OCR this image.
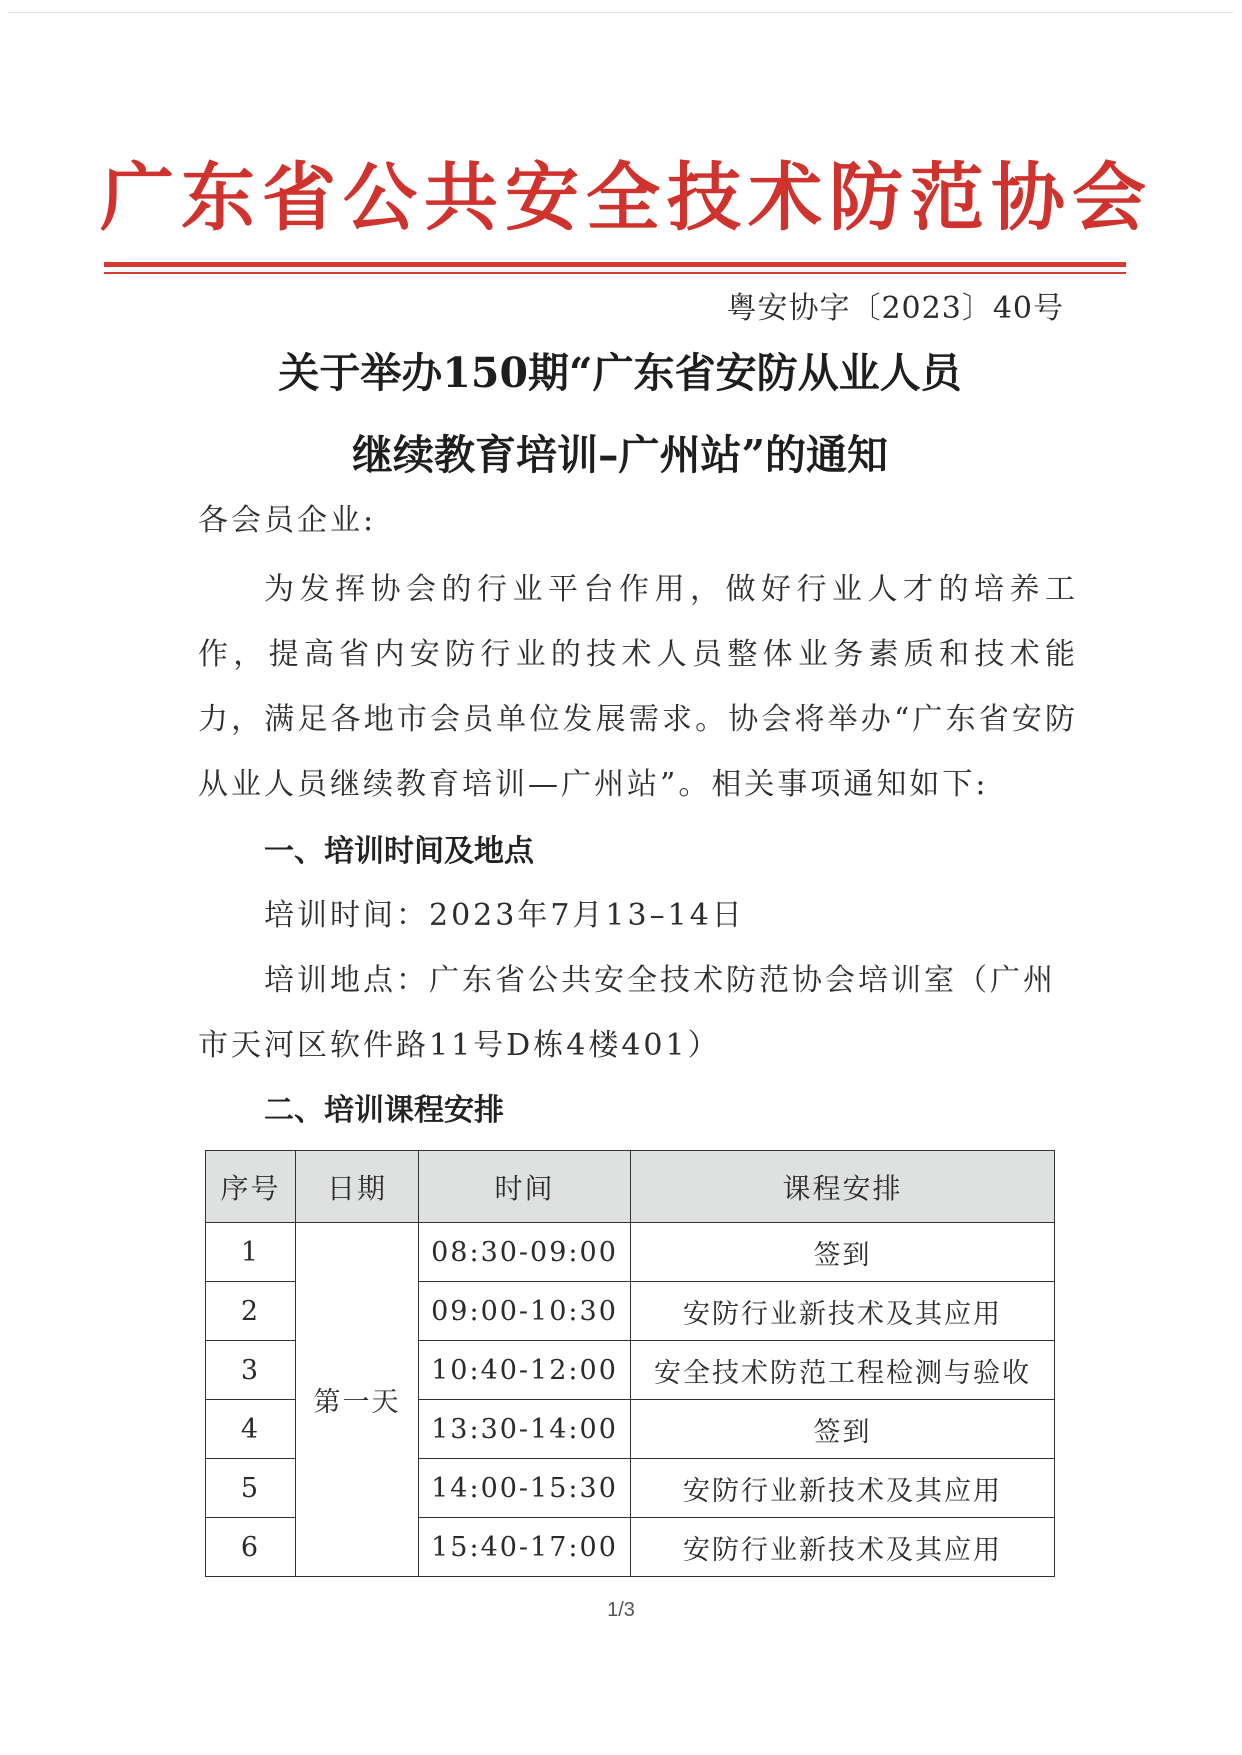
广东省公共安全技术防范协会
粤安协字〔2023〕40号
关于举办150期“广东省安防从业人员
继续教育培训–广州站”的通知
各会员企业:
为发挥协会的行业平台作用，做好行业人才的培养工作，提高省内安防行业的技术人员整体业务素质和技术能力，满足各地市会员单位发展需求。协会将举办“广东省安防从业人员继续教育培训—广州站”。相关事项通知如下:
一、培训时间及地点
培训时间：2023年7月13–14日
培训地点：广东省公共安全技术防范协会培训室（广州
市天河区软件路11号D栋4楼401）
二、培训课程安排
序号	日期	时间	课程安排
1	第一天	08:30-09:00	签到
2		09:00-10:30	安防行业新技术及其应用
3		10:40-12:00	安全技术防范工程检测与验收
4		13:30-14:00	签到
5		14:00-15:30	安防行业新技术及其应用
6		15:40-17:00	安防行业新技术及其应用
1/3
